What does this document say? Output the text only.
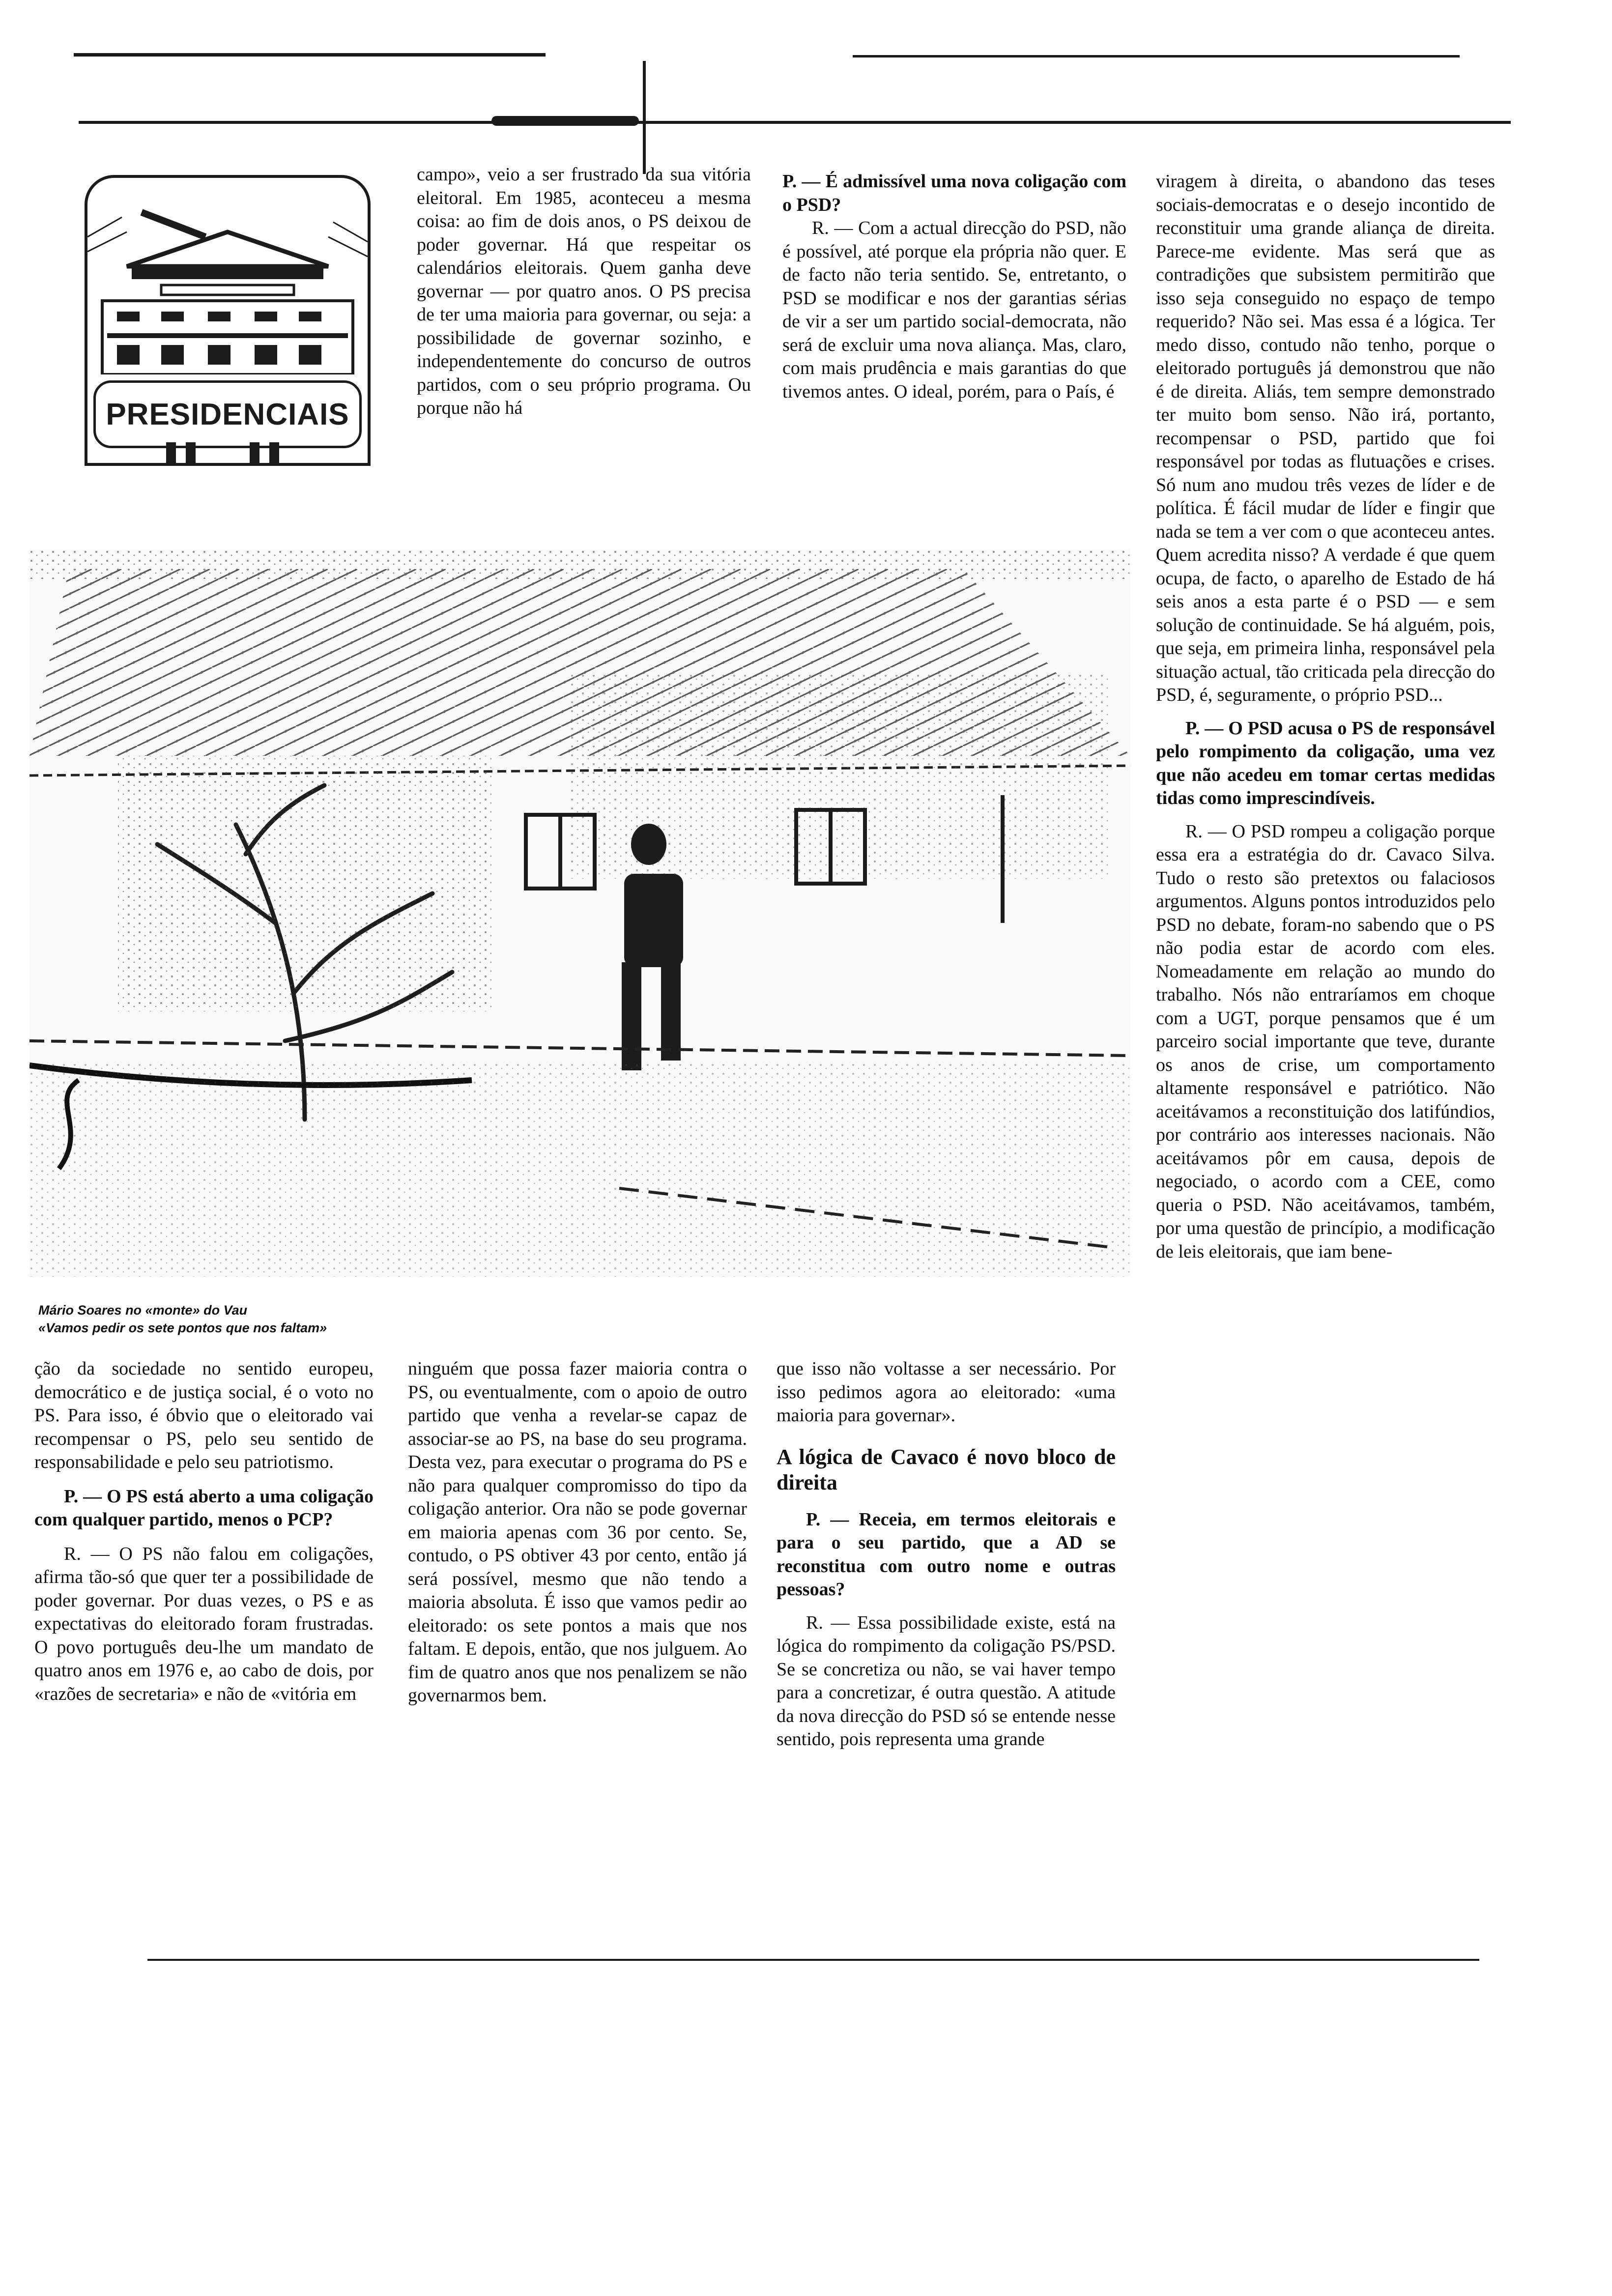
PRESIDENCIAIS

campo», veio a ser frustrado da sua vitória eleitoral. Em 1985, aconteceu a mesma coisa: ao fim de dois anos, o PS deixou de poder governar. Há que respeitar os calendários eleitorais. Quem ganha deve governar — por quatro anos. O PS precisa de ter uma maioria para governar, ou seja: a possibilidade de governar sozinho, e independentemente do concurso de outros partidos, com o seu próprio programa. Ou porque não há

P. — É admissível uma nova coligação com o PSD?

R. — Com a actual direcção do PSD, não é possível, até porque ela própria não quer. E de facto não teria sentido. Se, entretanto, o PSD se modificar e nos der garantias sérias de vir a ser um partido social-democrata, não será de excluir uma nova aliança. Mas, claro, com mais prudência e mais garantias do que tivemos antes. O ideal, porém, para o País, é

viragem à direita, o abandono das teses sociais-democratas e o desejo incontido de reconstituir uma grande aliança de direita. Parece-me evidente. Mas será que as contradições que subsistem permitirão que isso seja conseguido no espaço de tempo requerido? Não sei. Mas essa é a lógica. Ter medo disso, contudo não tenho, porque o eleitorado português já demonstrou que não é de direita. Aliás, tem sempre demonstrado ter muito bom senso. Não irá, portanto, recompensar o PSD, partido que foi responsável por todas as flutuações e crises. Só num ano mudou três vezes de líder e de política. É fácil mudar de líder e fingir que nada se tem a ver com o que aconteceu antes. Quem acredita nisso? A verdade é que quem ocupa, de facto, o aparelho de Estado de há seis anos a esta parte é o PSD — e sem solução de continuidade. Se há alguém, pois, que seja, em primeira linha, responsável pela situação actual, tão criticada pela direcção do PSD, é, seguramente, o próprio PSD...

P. — O PSD acusa o PS de responsável pelo rompimento da coligação, uma vez que não acedeu em tomar certas medidas tidas como imprescindíveis.

R. — O PSD rompeu a coligação porque essa era a estratégia do dr. Cavaco Silva. Tudo o resto são pretextos ou falaciosos argumentos. Alguns pontos introduzidos pelo PSD no debate, foram-no sabendo que o PS não podia estar de acordo com eles. Nomeadamente em relação ao mundo do trabalho. Nós não entraríamos em choque com a UGT, porque pensamos que é um parceiro social importante que teve, durante os anos de crise, um comportamento altamente responsável e patriótico. Não aceitávamos a reconstituição dos latifúndios, por contrário aos interesses nacionais. Não aceitávamos pôr em causa, depois de negociado, o acordo com a CEE, como queria o PSD. Não aceitávamos, também, por uma questão de princípio, a modificação de leis eleitorais, que iam bene-

Mário Soares no «monte» do Vau
«Vamos pedir os sete pontos que nos faltam»

ção da sociedade no sentido europeu, democrático e de justiça social, é o voto no PS. Para isso, é óbvio que o eleitorado vai recompensar o PS, pelo seu sentido de responsabilidade e pelo seu patriotismo.

P. — O PS está aberto a uma coligação com qualquer partido, menos o PCP?

R. — O PS não falou em coligações, afirma tão-só que quer ter a possibilidade de poder governar. Por duas vezes, o PS e as expectativas do eleitorado foram frustradas. O povo português deu-lhe um mandato de quatro anos em 1976 e, ao cabo de dois, por «razões de secretaria» e não de «vitória em

ninguém que possa fazer maioria contra o PS, ou eventualmente, com o apoio de outro partido que venha a revelar-se capaz de associar-se ao PS, na base do seu programa. Desta vez, para executar o programa do PS e não para qualquer compromisso do tipo da coligação anterior. Ora não se pode governar em maioria apenas com 36 por cento. Se, contudo, o PS obtiver 43 por cento, então já será possível, mesmo que não tendo a maioria absoluta. É isso que vamos pedir ao eleitorado: os sete pontos a mais que nos faltam. E depois, então, que nos julguem. Ao fim de quatro anos que nos penalizem se não governarmos bem.

que isso não voltasse a ser necessário. Por isso pedimos agora ao eleitorado: «uma maioria para governar».

A lógica de Cavaco é novo bloco de direita

P. — Receia, em termos eleitorais e para o seu partido, que a AD se reconstitua com outro nome e outras pessoas?

R. — Essa possibilidade existe, está na lógica do rompimento da coligação PS/PSD. Se se concretiza ou não, se vai haver tempo para a concretizar, é outra questão. A atitude da nova direcção do PSD só se entende nesse sentido, pois representa uma grande
